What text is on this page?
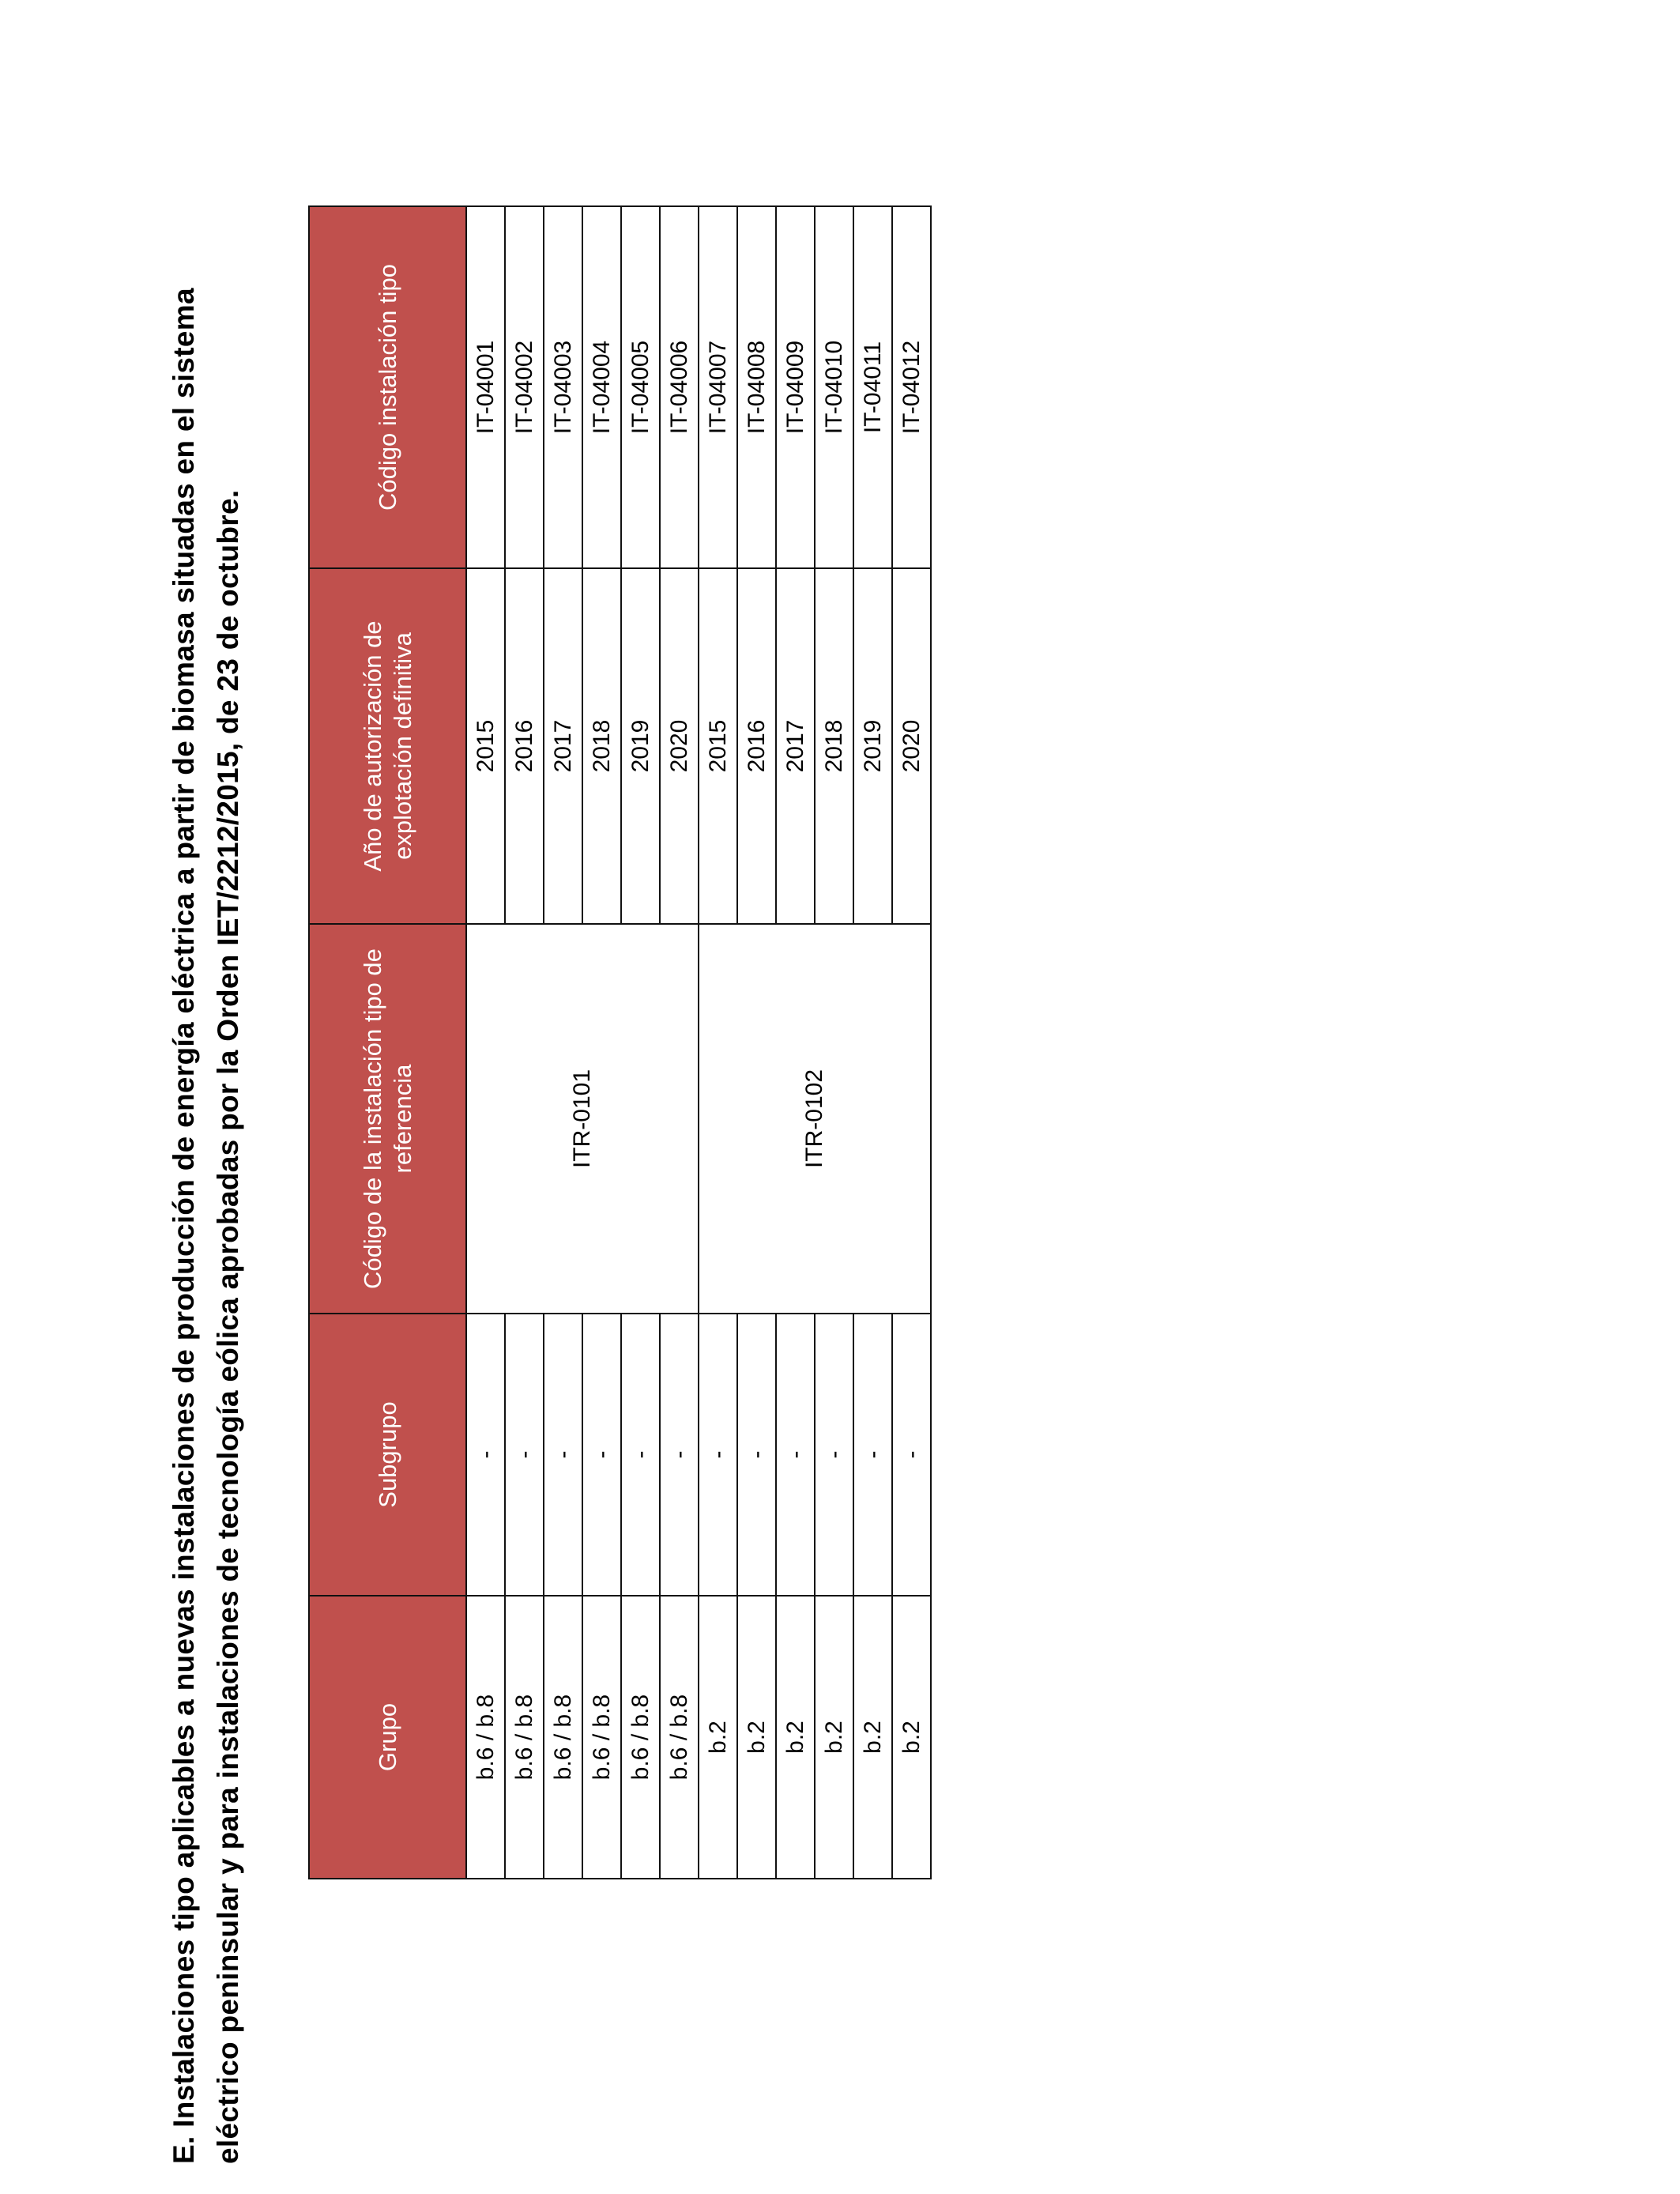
E. Instalaciones tipo aplicables a nuevas instalaciones de producción de energía eléctrica a partir de biomasa situadas en el sistema eléctrico peninsular y para instalaciones de tecnología eólica aprobadas por la Orden IET/2212/2015, de 23 de octubre.	Grupo	Subgrupo	Código de la instalación tipo de referencia	Año de autorización de explotación definitiva	Código instalación tipo
b.6 / b.8	-	ITR-0101	2015	IT-04001
b.6 / b.8	-		2016	IT-04002
b.6 / b.8	-		2017	IT-04003
b.6 / b.8	-		2018	IT-04004
b.6 / b.8	-		2019	IT-04005
b.6 / b.8	-		2020	IT-04006
b.2	-	ITR-0102	2015	IT-04007
b.2	-		2016	IT-04008
b.2	-		2017	IT-04009
b.2	-		2018	IT-04010
b.2	-		2019	IT-04011
b.2	-		2020	IT-04012
